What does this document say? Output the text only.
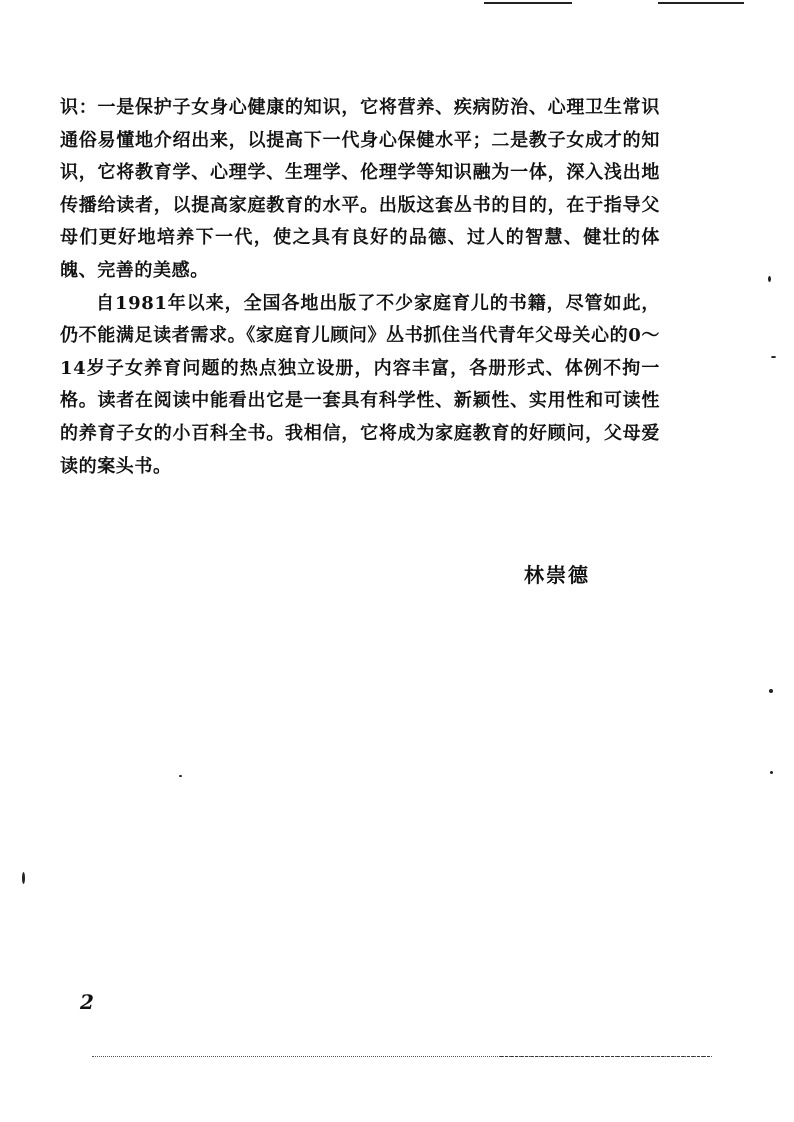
识：一是保护子女身心健康的知识，它将营养、疾病防治、心理卫生常识通俗易懂地介绍出来，以提高下一代身心保健水平；二是教子女成才的知识，它将教育学、心理学、生理学、伦理学等知识融为一体，深入浅出地传播给读者，以提高家庭教育的水平。出版这套丛书的目的，在于指导父母们更好地培养下一代，使之具有良好的品德、过人的智慧、健壮的体魄、完善的美感。

自1981年以来，全国各地出版了不少家庭育儿的书籍，尽管如此，仍不能满足读者需求。《家庭育儿顾问》丛书抓住当代青年父母关心的0～14岁子女养育问题的热点独立设册，内容丰富，各册形式、体例不拘一格。读者在阅读中能看出它是一套具有科学性、新颖性、实用性和可读性的养育子女的小百科全书。我相信，它将成为家庭教育的好顾问，父母爱读的案头书。

林崇德
2
